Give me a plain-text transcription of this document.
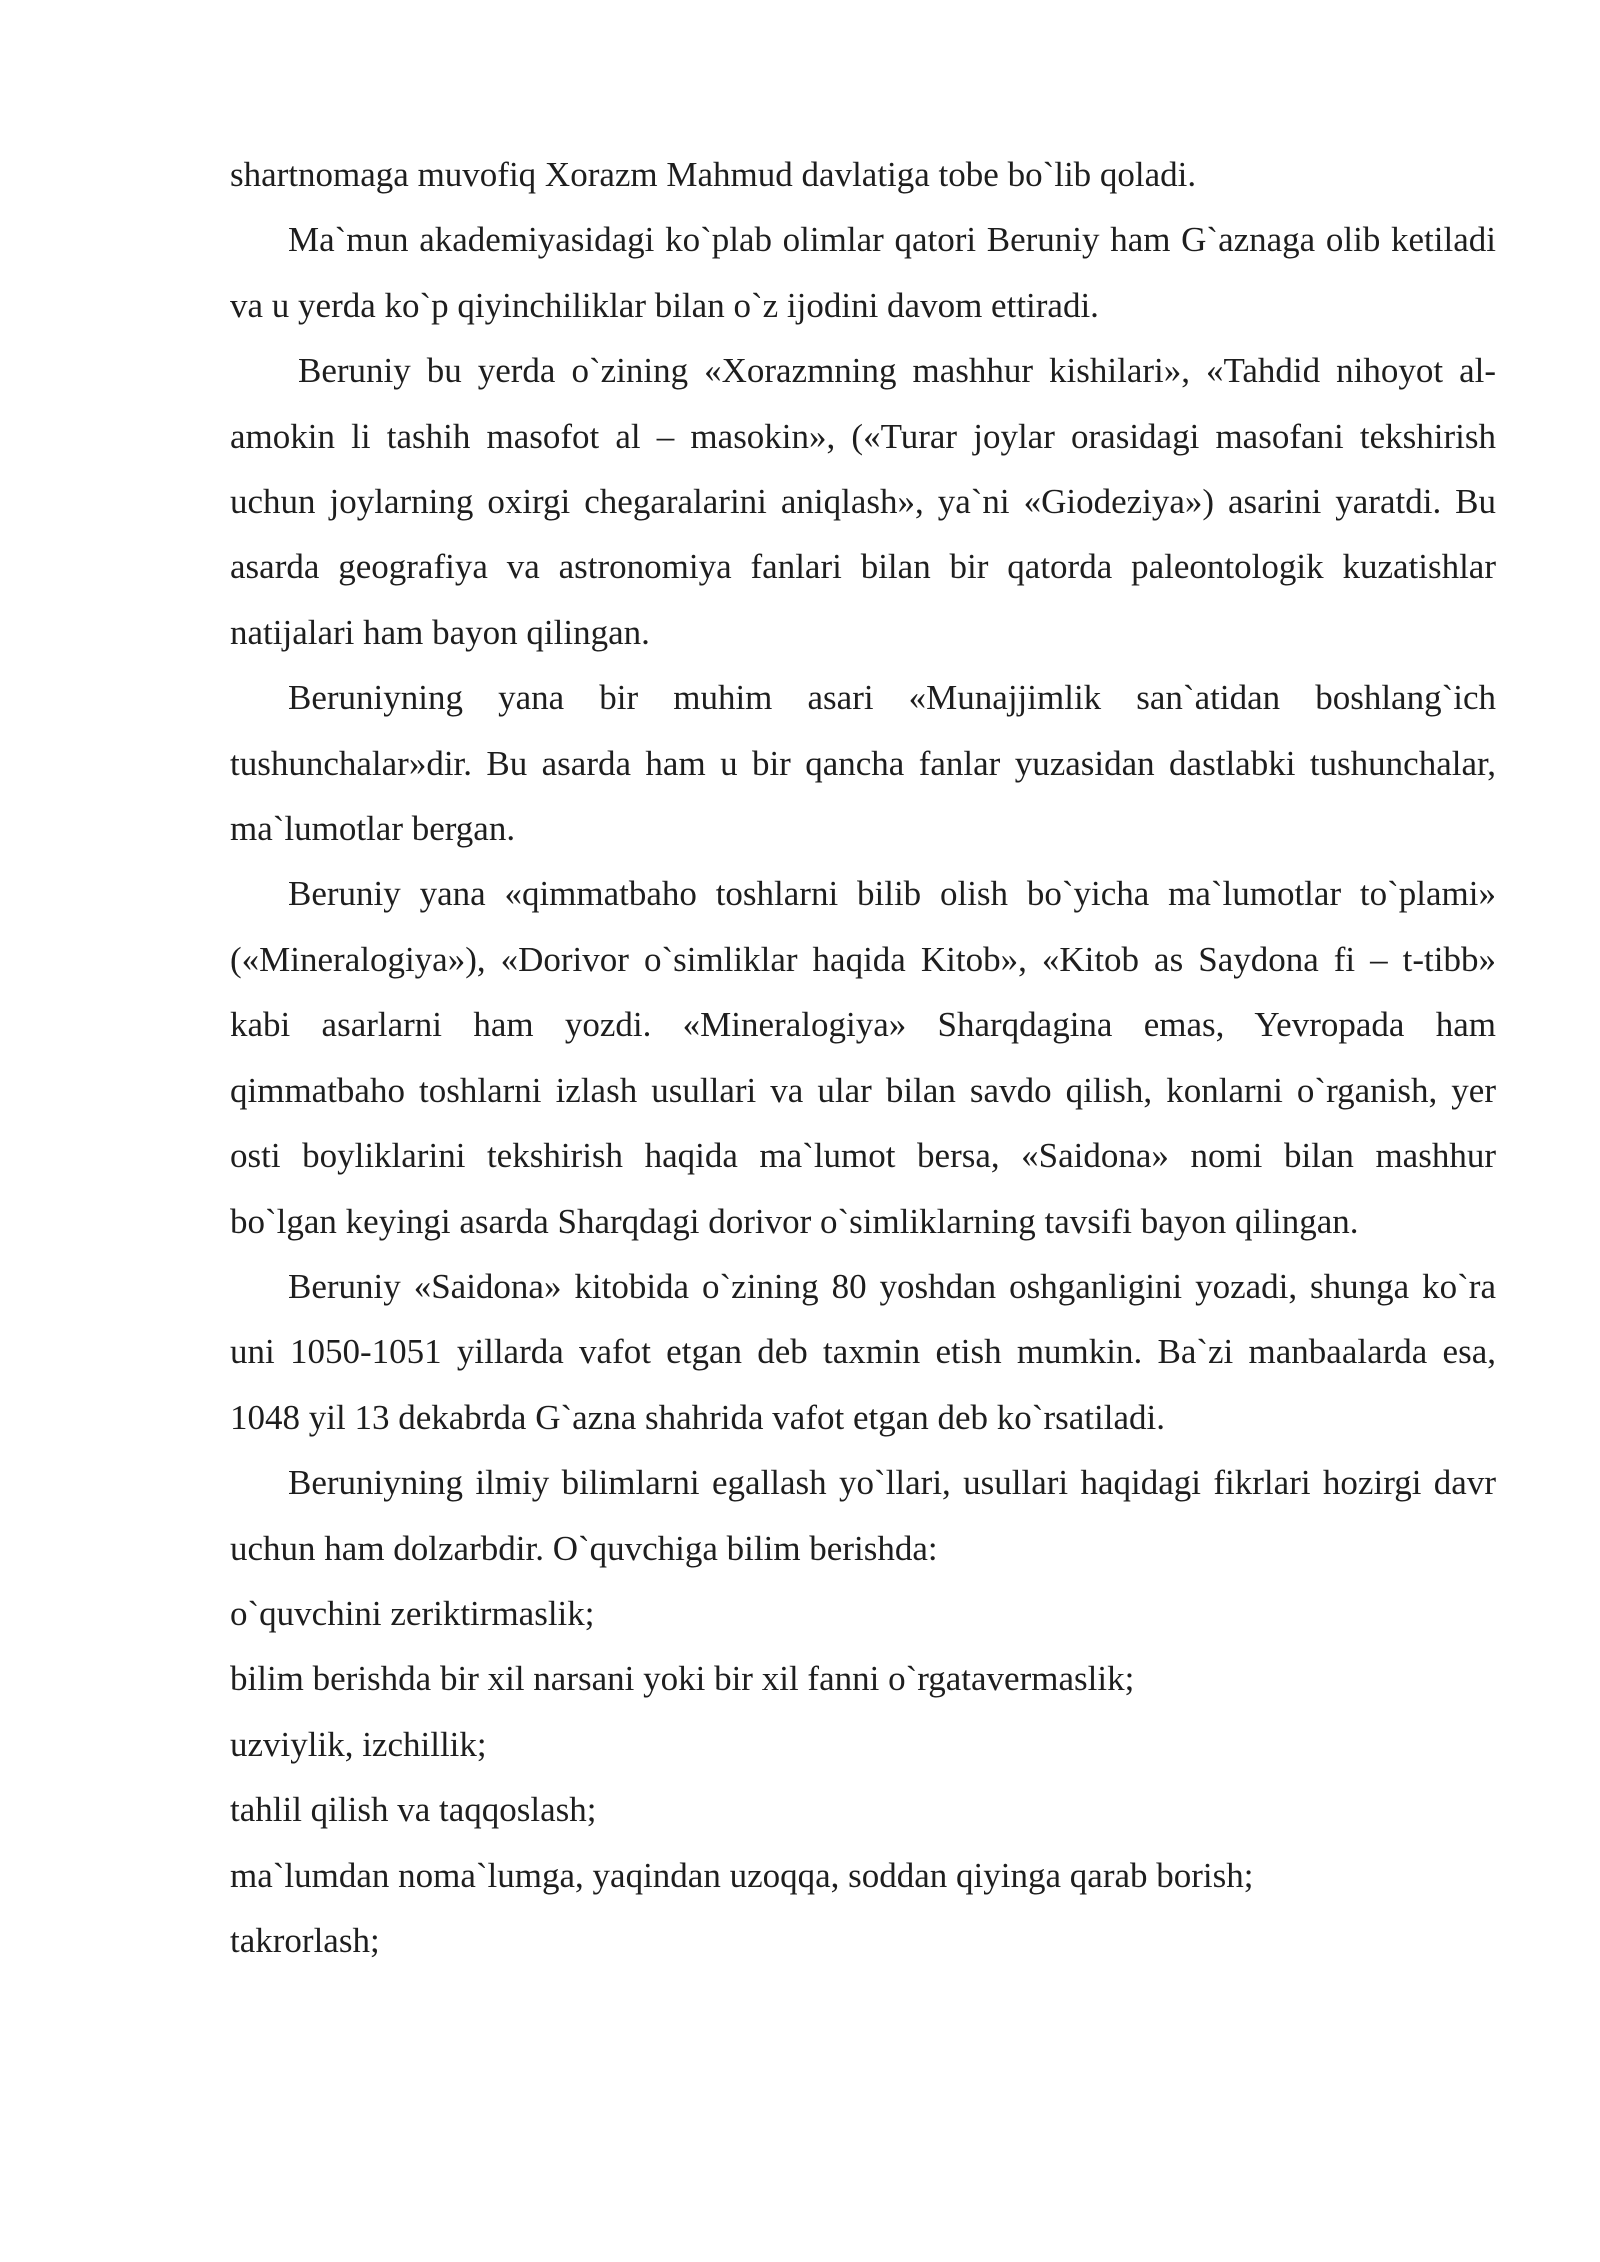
shartnomaga muvofiq Xorazm Mahmud davlatiga tobe bo`lib qoladi.

Ma`mun akademiyasidagi ko`plab olimlar qatori Beruniy ham G`aznaga olib ketiladi va u yerda ko`p qiyinchiliklar bilan o`z ijodini davom ettiradi.

Beruniy bu yerda o`zining «Xorazmning mashhur kishilari», «Tahdid nihoyot al-amokin li tashih masofot al – masokin», («Turar joylar orasidagi masofani tekshirish uchun joylarning oxirgi chegaralarini aniqlash», ya`ni «Giodeziya») asarini yaratdi. Bu asarda geografiya va astronomiya fanlari bilan bir qatorda paleontologik kuzatishlar natijalari ham bayon qilingan.

Beruniyning yana bir muhim asari «Munajjimlik san`atidan boshlang`ich tushunchalar»dir. Bu asarda ham u bir qancha fanlar yuzasidan dastlabki tushunchalar, ma`lumotlar bergan.

Beruniy yana «qimmatbaho toshlarni bilib olish bo`yicha ma`lumotlar to`plami» («Mineralogiya»), «Dorivor o`simliklar haqida Kitob», «Kitob as Saydona fi – t-tibb» kabi asarlarni ham yozdi. «Mineralogiya» Sharqdagina emas, Yevropada ham qimmatbaho toshlarni izlash usullari va ular bilan savdo qilish, konlarni o`rganish, yer osti boyliklarini tekshirish haqida ma`lumot bersa, «Saidona» nomi bilan mashhur bo`lgan keyingi asarda Sharqdagi dorivor o`simliklarning tavsifi bayon qilingan.

Beruniy «Saidona» kitobida o`zining 80 yoshdan oshganligini yozadi, shunga ko`ra uni 1050-1051 yillarda vafot etgan deb taxmin etish mumkin. Ba`zi manbaalarda esa, 1048 yil 13 dekabrda G`azna shahrida vafot etgan deb ko`rsatiladi.

Beruniyning ilmiy bilimlarni egallash yo`llari, usullari haqidagi fikrlari hozirgi davr uchun ham dolzarbdir. O`quvchiga bilim berishda:

o`quvchini zeriktirmaslik;

bilim berishda bir xil narsani yoki bir xil fanni o`rgatavermaslik;

uzviylik, izchillik;

tahlil qilish va taqqoslash;

ma`lumdan noma`lumga, yaqindan uzoqqa, soddan qiyinga qarab borish;

takrorlash;
